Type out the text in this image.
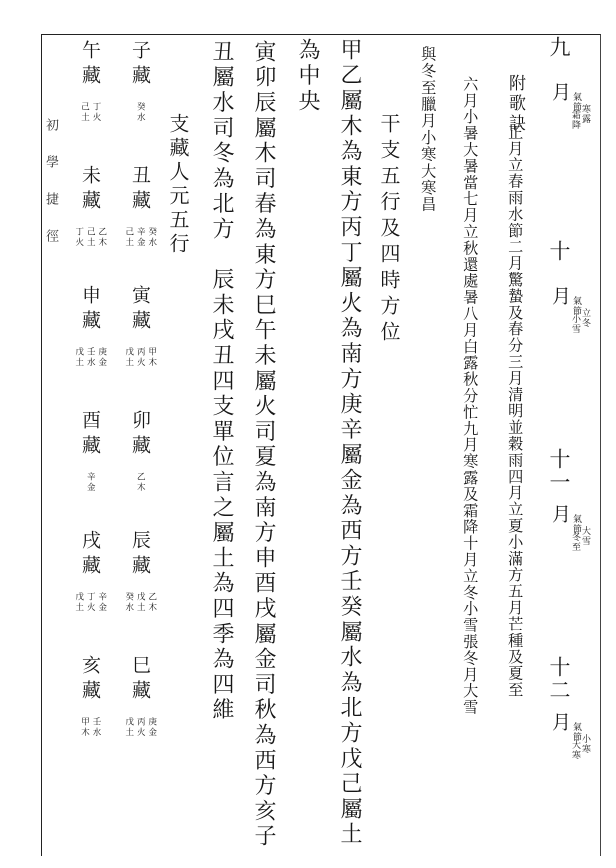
九
月
氣節
寒露
霜降
十
月
氣節
立冬
小雪
十一
月
氣節
大雪
冬至
十二
月
氣節
小寒
大寒
附歌訣
正月立春雨水節二月驚蟄及春分三月清明並穀雨四月立夏小滿方五月芒種及夏至
六月小暑大暑當七月立秋還處暑八月白露秋分忙九月寒露及霜降十月立冬小雪張冬月大雪
與冬至臘月小寒大寒昌
干支五行及四時方位
甲乙屬木為東方丙丁屬火為南方庚辛屬金為西方壬癸屬水為北方戊己屬土
為中央
寅卯辰屬木司春為東方巳午未屬火司夏為南方申酉戌屬金司秋為西方亥子
丑屬水司冬為北方　辰未戌丑四支單位言之屬土為四季為四維
支藏人元五行
子藏
癸水
午藏
丁火
己土
丑藏
癸水
辛金
己土
未藏
乙木
己土
丁火
寅藏
甲木
丙火
戊土
申藏
庚金
壬水
戊土
卯藏
乙木
酉藏
辛金
辰藏
乙木
戊土
癸水
戌藏
辛金
丁火
戊土
巳藏
庚金
丙火
戊土
亥藏
壬水
甲木
初學捷徑
